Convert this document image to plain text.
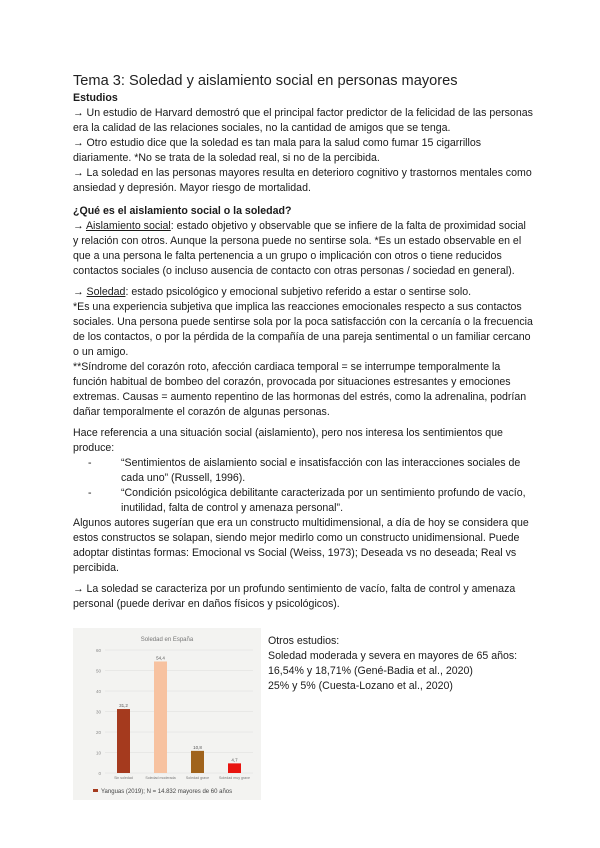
Tema 3: Soledad y aislamiento social en personas mayores

Estudios

→ Un estudio de Harvard demostró que el principal factor predictor de la felicidad de las personas era la calidad de las relaciones sociales, no la cantidad de amigos que se tenga.

→ Otro estudio dice que la soledad es tan mala para la salud como fumar 15 cigarrillos diariamente. *No se trata de la soledad real, si no de la percibida.

→ La soledad en las personas mayores resulta en deterioro cognitivo y trastornos mentales como ansiedad y depresión. Mayor riesgo de mortalidad.

¿Qué es el aislamiento social o la soledad?

→ Aislamiento social: estado objetivo y observable que se infiere de la falta de proximidad social y relación con otros. Aunque la persona puede no sentirse sola. *Es un estado observable en el que a una persona le falta pertenencia a un grupo o implicación con otros o tiene reducidos contactos sociales (o incluso ausencia de contacto con otras personas / sociedad en general).

→ Soledad: estado psicológico y emocional subjetivo referido a estar o sentirse solo.

*Es una experiencia subjetiva que implica las reacciones emocionales respecto a sus contactos sociales. Una persona puede sentirse sola por la poca satisfacción con la cercanía o la frecuencia de los contactos, o por la pérdida de la compañía de una pareja sentimental o un familiar cercano o un amigo.

**Síndrome del corazón roto, afección cardiaca temporal = se interrumpe temporalmente la función habitual de bombeo del corazón, provocada por situaciones estresantes y emociones extremas. Causas = aumento repentino de las hormonas del estrés, como la adrenalina, podrían dañar temporalmente el corazón de algunas personas.

Hace referencia a una situación social (aislamiento), pero nos interesa los sentimientos que produce:

-	“Sentimientos de aislamiento social e insatisfacción con las interacciones sociales de cada uno” (Russell, 1996).
-	“Condición psicológica debilitante caracterizada por un sentimiento profundo de vacío, inutilidad, falta de control y amenaza personal”.

Algunos autores sugerían que era un constructo multidimensional, a día de hoy se considera que estos constructos se solapan, siendo mejor medirlo como un constructo unidimensional. Puede adoptar distintas formas: Emocional vs Social (Weiss, 1973); Deseada vs no deseada; Real vs percibida.

→ La soledad se caracteriza por un profundo sentimiento de vacío, falta de control y amenaza personal (puede derivar en daños físicos y psicológicos).

Soledad en España
0
10
20
30
40
50
60
31,2
Sin soledad
54,4
Soledad moderada
10,8
Soledad grave
4,7
Soledad muy grave
Yanguas (2019); N = 14.832 mayores de 60 años

Otros estudios:

Soledad moderada y severa en mayores de 65 años: 16,54% y 18,71% (Gené-Badia et al., 2020)

25% y 5% (Cuesta-Lozano et al., 2020)
